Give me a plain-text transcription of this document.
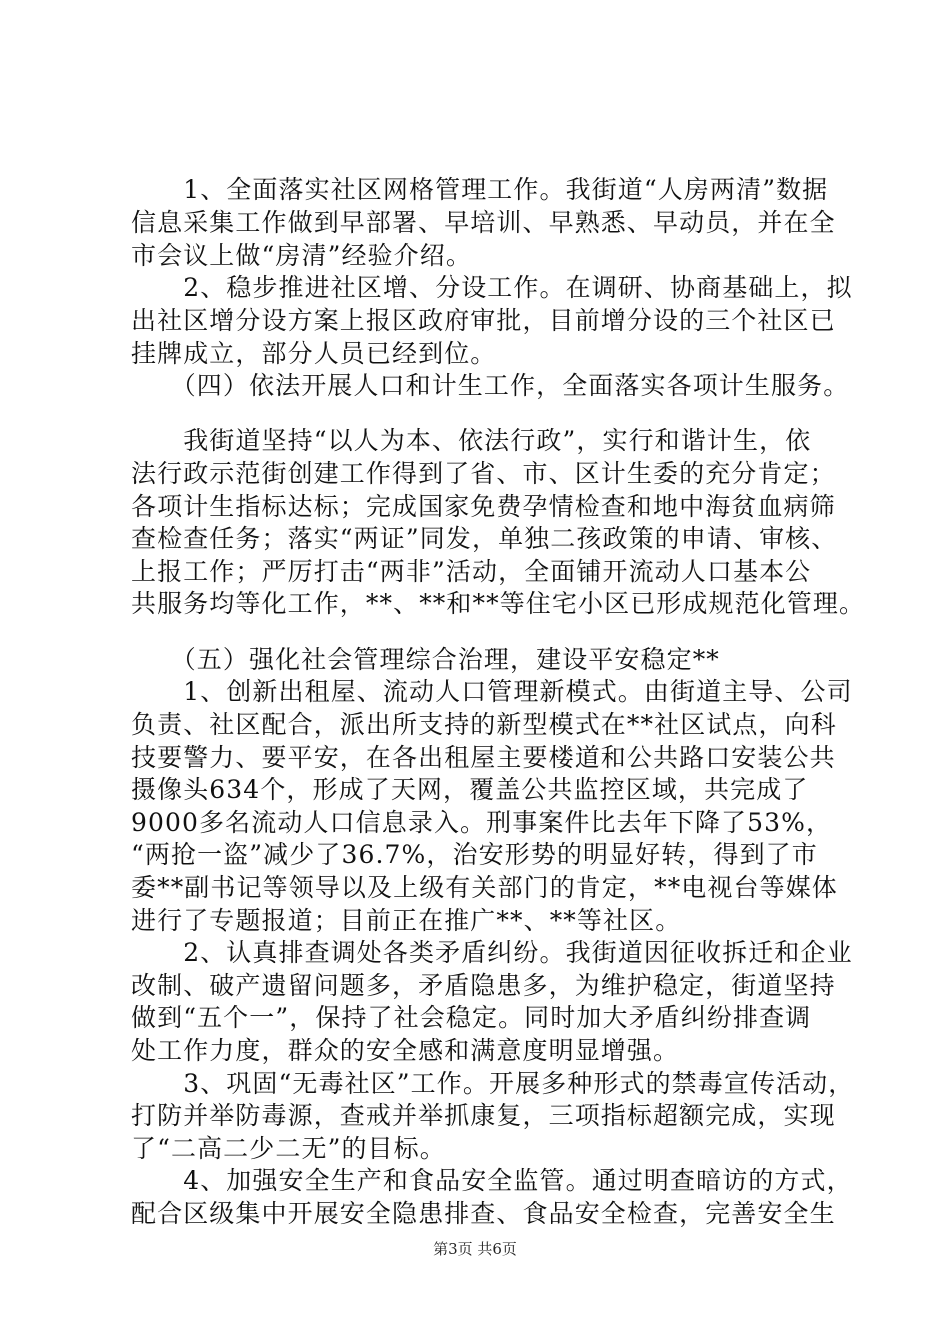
　　1、全面落实社区网格管理工作。我街道“人房两清”数据
信息采集工作做到早部署、早培训、早熟悉、早动员，并在全
市会议上做“房清”经验介绍。
　　2、稳步推进社区增、分设工作。在调研、协商基础上，拟
出社区增分设方案上报区政府审批，目前增分设的三个社区已
挂牌成立，部分人员已经到位。
　　（四）依法开展人口和计生工作，全面落实各项计生服务。
　　我街道坚持“以人为本、依法行政”，实行和谐计生，依
法行政示范街创建工作得到了省、市、区计生委的充分肯定；
各项计生指标达标；完成国家免费孕情检查和地中海贫血病筛
查检查任务；落实“两证”同发，单独二孩政策的申请、审核、
上报工作；严厉打击“两非”活动，全面铺开流动人口基本公
共服务均等化工作，**、**和**等住宅小区已形成规范化管理。
　　（五）强化社会管理综合治理，建设平安稳定**
　　1、创新出租屋、流动人口管理新模式。由街道主导、公司
负责、社区配合，派出所支持的新型模式在**社区试点，向科
技要警力、要平安，在各出租屋主要楼道和公共路口安装公共
摄像头634个，形成了天网，覆盖公共监控区域，共完成了
9000多名流动人口信息录入。刑事案件比去年下降了53%，
“两抢一盗”减少了36.7%，治安形势的明显好转，得到了市
委**副书记等领导以及上级有关部门的肯定，**电视台等媒体
进行了专题报道；目前正在推广**、**等社区。
　　2、认真排查调处各类矛盾纠纷。我街道因征收拆迁和企业
改制、破产遗留问题多，矛盾隐患多，为维护稳定，街道坚持
做到“五个一”，保持了社会稳定。同时加大矛盾纠纷排查调
处工作力度，群众的安全感和满意度明显增强。
　　3、巩固“无毒社区”工作。开展多种形式的禁毒宣传活动，
打防并举防毒源，查戒并举抓康复，三项指标超额完成，实现
了“二高二少二无”的目标。
　　4、加强安全生产和食品安全监管。通过明查暗访的方式，
配合区级集中开展安全隐患排查、食品安全检查，完善安全生
第3页 共6页
